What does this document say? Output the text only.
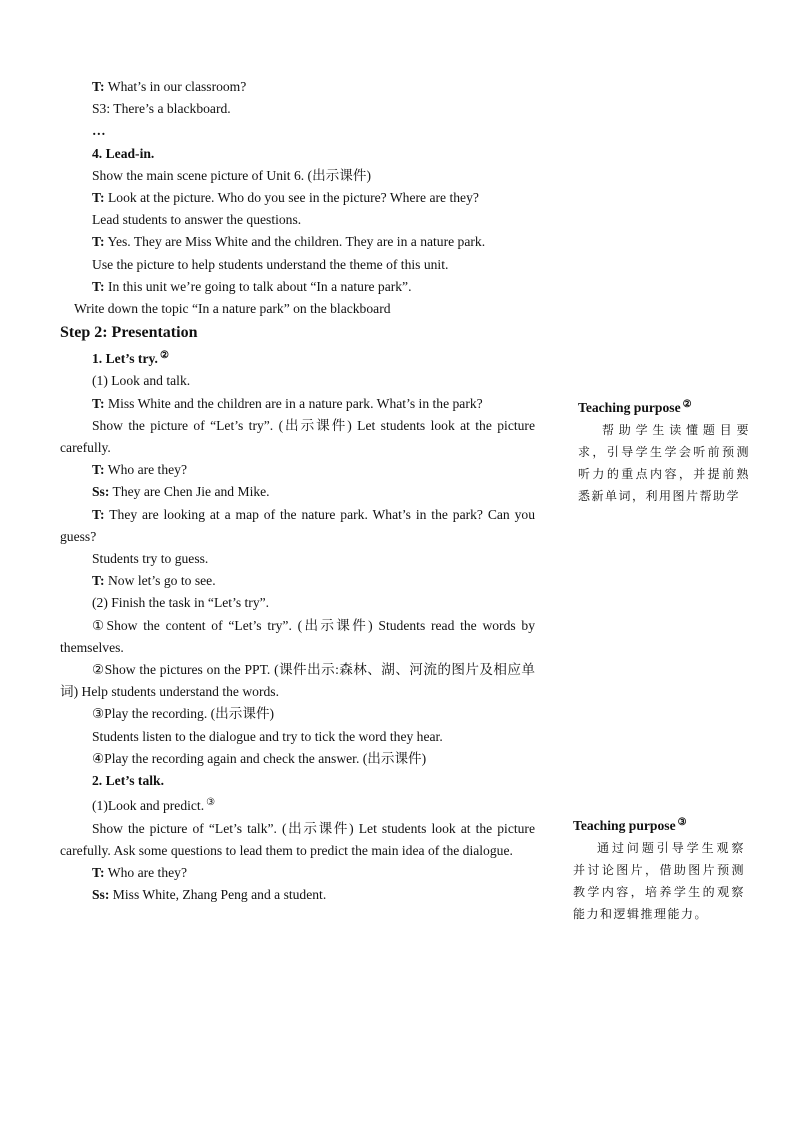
T: What’s in our classroom?
S3: There’s a blackboard.
…
4. Lead-in.
Show the main scene picture of Unit 6. (出示课件)
T: Look at the picture. Who do you see in the picture? Where are they?
Lead students to answer the questions.
T: Yes. They are Miss White and the children. They are in a nature park.
Use the picture to help students understand the theme of this unit.
T: In this unit we’re going to talk about “In a nature park”.
Write down the topic “In a nature park” on the blackboard
Step 2: Presentation
1. Let’s try. ②
(1) Look and talk.
T: Miss White and the children are in a nature park. What’s in the park?
Show the picture of “Let’s try”. (出示课件) Let students look at the picture carefully.
T: Who are they?
Ss: They are Chen Jie and Mike.
T: They are looking at a map of the nature park. What’s in the park? Can you guess?
Students try to guess.
T: Now let’s go to see.
(2) Finish the task in “Let’s try”.
①Show the content of “Let’s try”. (出示课件) Students read the words by themselves.
②Show the pictures on the PPT. (课件出示:森林、湖、河流的图片及相应单词) Help students understand the words.
③Play the recording. (出示课件)
Students listen to the dialogue and try to tick the word they hear.
④Play the recording again and check the answer. (出示课件)
2. Let’s talk.
(1)Look and predict. ③
Show the picture of “Let’s talk”. (出示课件) Let students look at the picture carefully. Ask some questions to lead them to predict the main idea of the dialogue.
T: Who are they?
Ss: Miss White, Zhang Peng and a student.
Teaching purpose ②
帮助学生读懂题目要求，引导学生学会听前预测听力的重点内容，并提前熟悉新单词，利用图片帮助学
Teaching purpose ③
通过问题引导学生观察并讨论图片，借助图片预测教学内容，培养学生的观察能力和逻辑推理能力。
